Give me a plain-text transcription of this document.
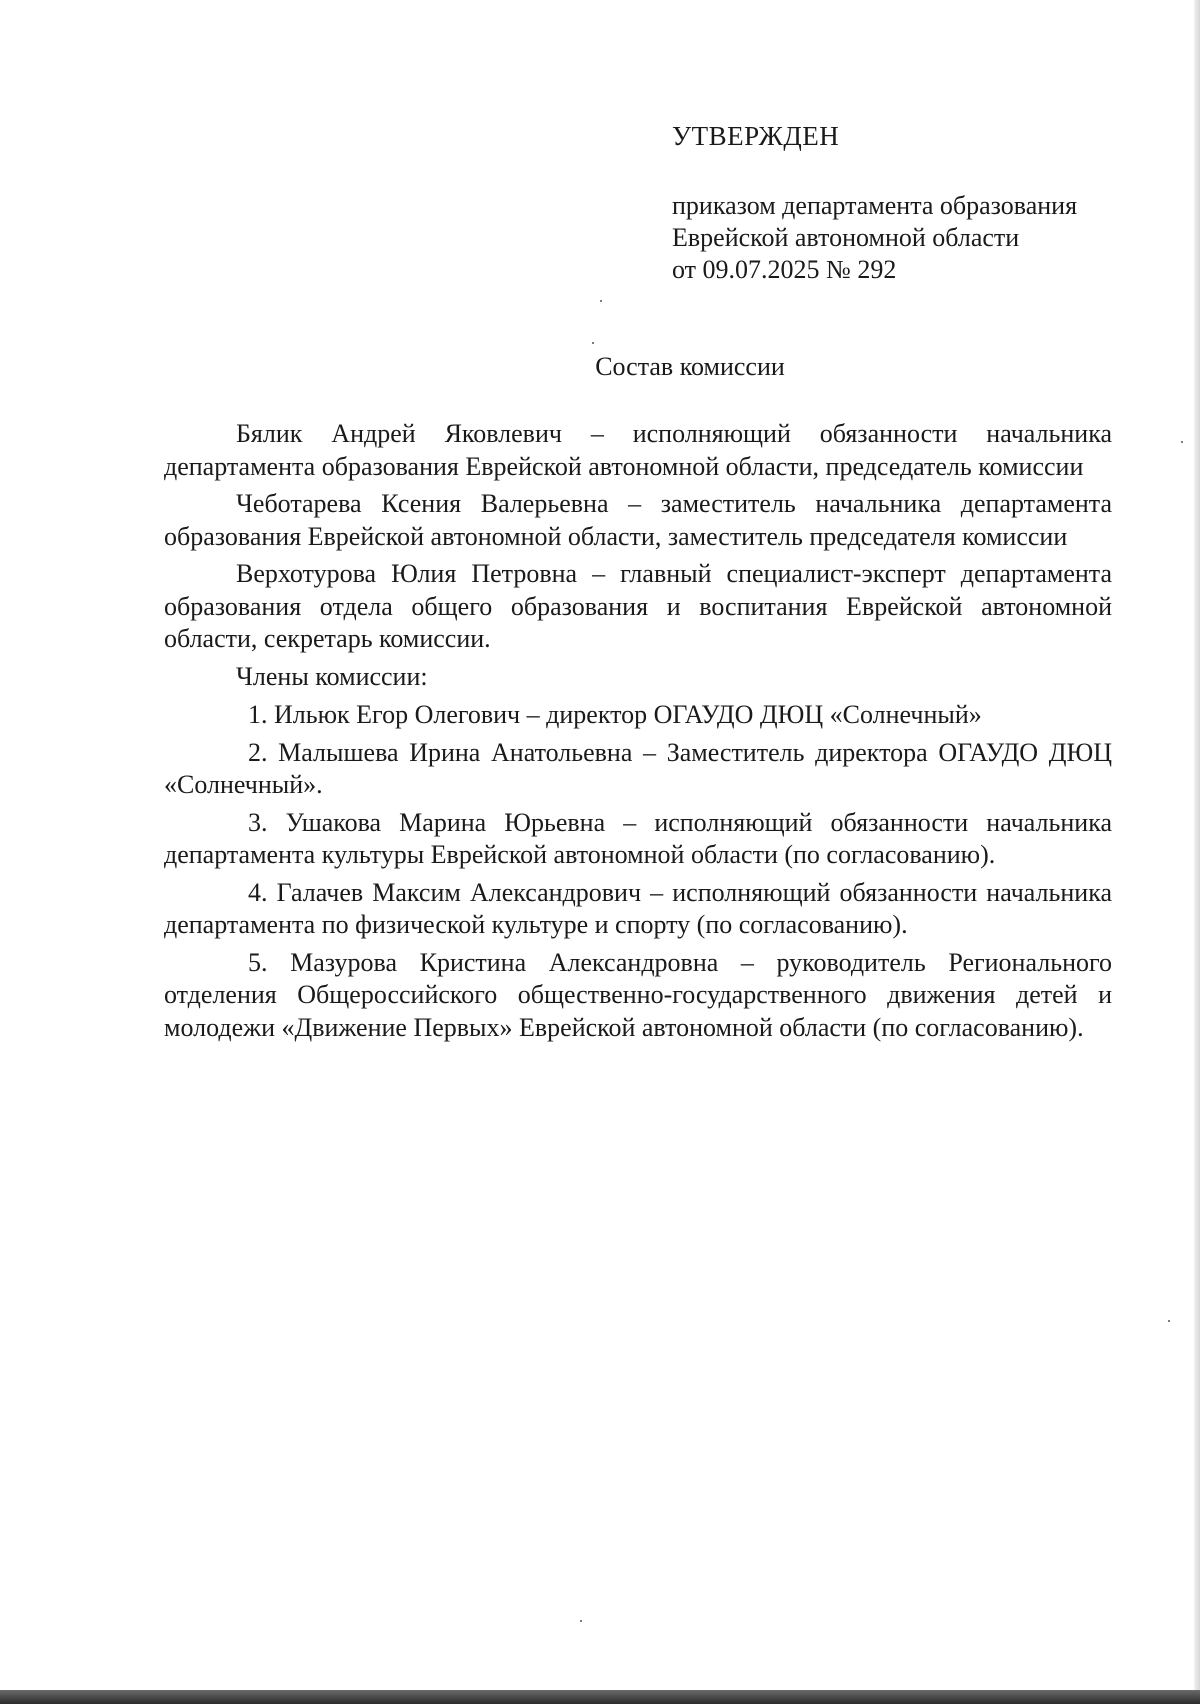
УТВЕРЖДЕН
приказом департамента образования
Еврейской автономной области
от 09.07.2025 № 292
Состав комиссии

Бялик Андрей Яковлевич – исполняющий обязанности начальника департамента образования Еврейской автономной области, председатель комиссии

Чеботарева Ксения Валерьевна – заместитель начальника департамента образования Еврейской автономной области, заместитель председателя комиссии

Верхотурова Юлия Петровна – главный специалист-эксперт департамента образования отдела общего образования и воспитания Еврейской автономной области, секретарь комиссии.

Члены комиссии:

1. Ильюк Егор Олегович – директор ОГАУДО ДЮЦ «Солнечный»

2. Малышева Ирина Анатольевна – Заместитель директора ОГАУДО ДЮЦ «Солнечный».

3. Ушакова Марина Юрьевна – исполняющий обязанности начальника департамента культуры Еврейской автономной области (по согласованию).

4. Галачев Максим Александрович – исполняющий обязанности начальника департамента по физической культуре и спорту (по согласованию).

5. Мазурова Кристина Александровна – руководитель Регионального отделения Общероссийского общественно-государственного движения детей и молодежи «Движение Первых» Еврейской автономной области (по согласованию).
